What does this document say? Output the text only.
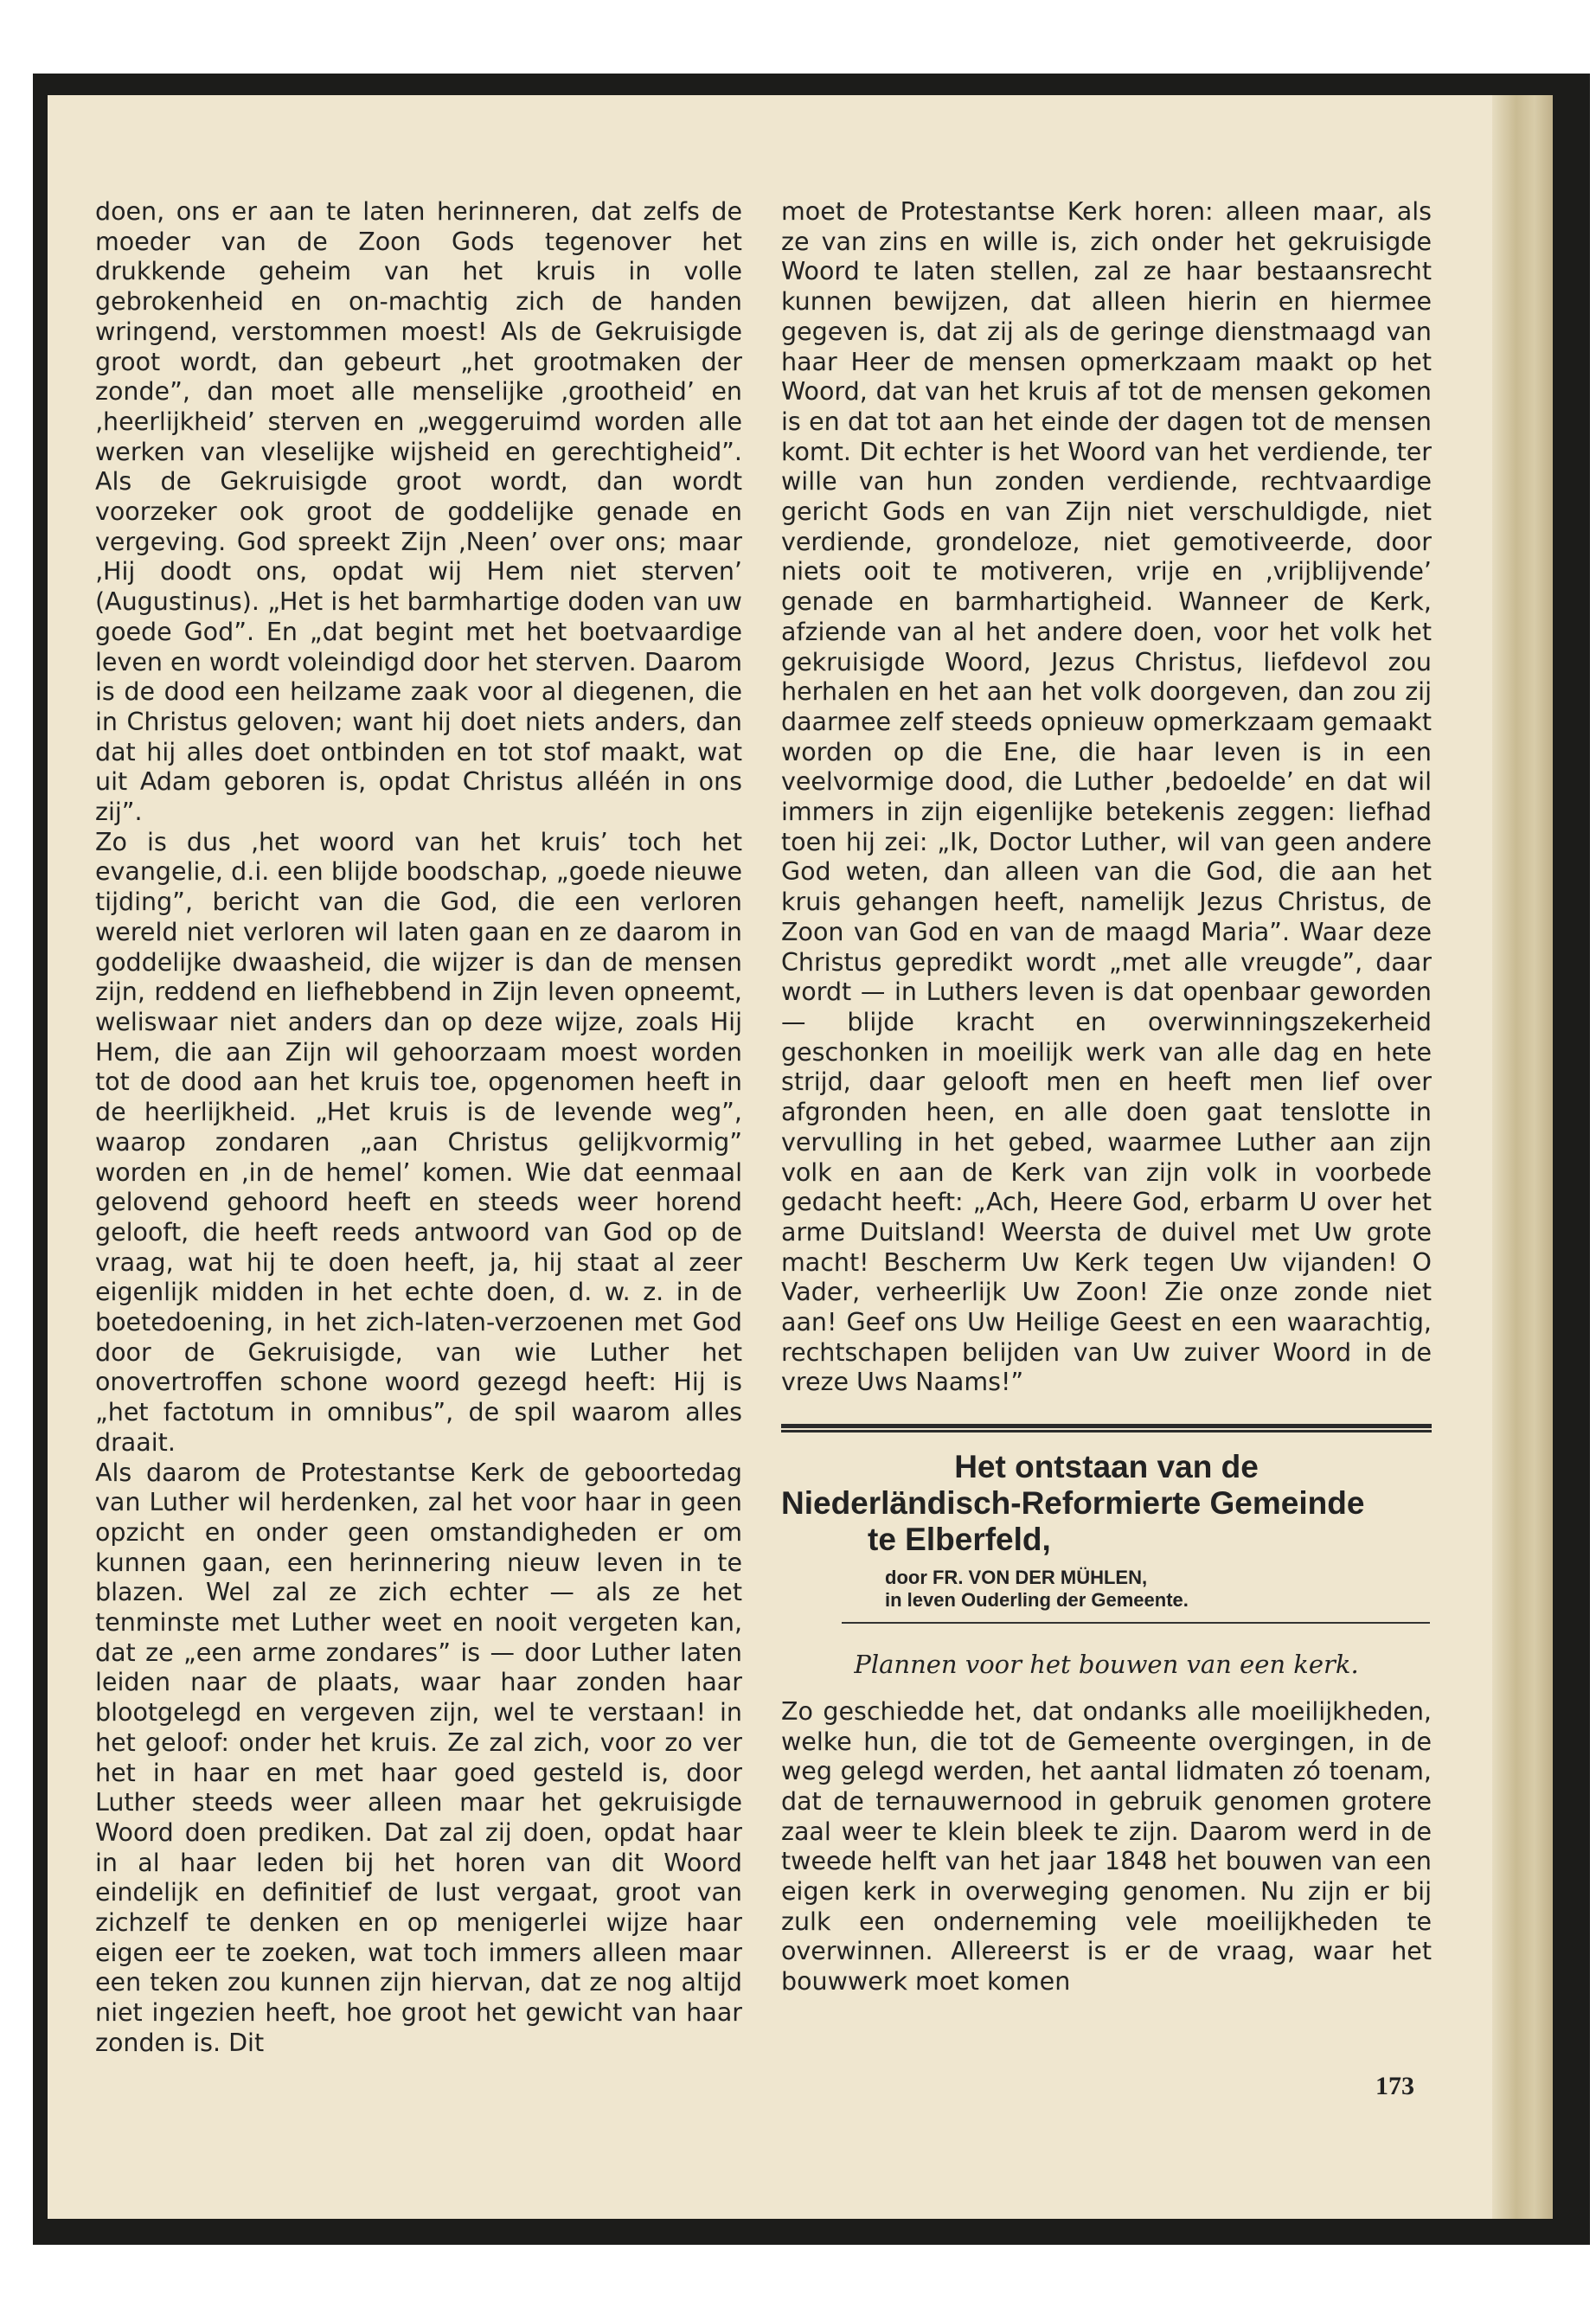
doen, ons er aan te laten herinneren, dat zelfs de moeder van de Zoon Gods tegenover het drukkende geheim van het kruis in volle gebrokenheid en on-machtig zich de handen wringend, verstommen moest! Als de Gekruisigde groot wordt, dan gebeurt „het grootmaken der zonde”, dan moet alle menselijke ‚grootheid’ en ‚heerlijkheid’ sterven en „weggeruimd worden alle werken van vleselijke wijsheid en gerechtigheid”. Als de Gekruisigde groot wordt, dan wordt voorzeker ook groot de goddelijke genade en vergeving. God spreekt Zijn ‚Neen’ over ons; maar ‚Hij doodt ons, opdat wij Hem niet sterven’ (Augustinus). „Het is het barmhartige doden van uw goede God”. En „dat begint met het boetvaardige leven en wordt voleindigd door het sterven. Daarom is de dood een heilzame zaak voor al diegenen, die in Christus geloven; want hij doet niets anders, dan dat hij alles doet ontbinden en tot stof maakt, wat uit Adam geboren is, opdat Christus alléén in ons zij”.

Zo is dus ‚het woord van het kruis’ toch het evangelie, d.i. een blijde boodschap, „goede nieuwe tijding”, bericht van die God, die een verloren wereld niet verloren wil laten gaan en ze daarom in goddelijke dwaasheid, die wijzer is dan de mensen zijn, reddend en liefhebbend in Zijn leven opneemt, weliswaar niet anders dan op deze wijze, zoals Hij Hem, die aan Zijn wil gehoorzaam moest worden tot de dood aan het kruis toe, opgenomen heeft in de heerlijkheid. „Het kruis is de levende weg”, waarop zondaren „aan Christus gelijkvormig” worden en ‚in de hemel’ komen. Wie dat eenmaal gelovend gehoord heeft en steeds weer horend gelooft, die heeft reeds antwoord van God op de vraag, wat hij te doen heeft, ja, hij staat al zeer eigenlijk midden in het echte doen, d. w. z. in de boetedoening, in het zich-laten-verzoenen met God door de Gekruisigde, van wie Luther het onovertroffen schone woord gezegd heeft: Hij is „het factotum in omnibus”, de spil waarom alles draait.

Als daarom de Protestantse Kerk de geboortedag van Luther wil herdenken, zal het voor haar in geen opzicht en onder geen omstandigheden er om kunnen gaan, een herinnering nieuw leven in te blazen. Wel zal ze zich echter — als ze het tenminste met Luther weet en nooit vergeten kan, dat ze „een arme zondares” is — door Luther laten leiden naar de plaats, waar haar zonden haar blootgelegd en vergeven zijn, wel te verstaan! in het geloof: onder het kruis. Ze zal zich, voor zo ver het in haar en met haar goed gesteld is, door Luther steeds weer alleen maar het gekruisigde Woord doen prediken. Dat zal zij doen, opdat haar in al haar leden bij het horen van dit Woord eindelijk en definitief de lust vergaat, groot van zichzelf te denken en op menigerlei wijze haar eigen eer te zoeken, wat toch immers alleen maar een teken zou kunnen zijn hiervan, dat ze nog altijd niet ingezien heeft, hoe groot het gewicht van haar zonden is. Dit

moet de Protestantse Kerk horen: alleen maar, als ze van zins en wille is, zich onder het gekruisigde Woord te laten stellen, zal ze haar bestaansrecht kunnen bewijzen, dat alleen hierin en hiermee gegeven is, dat zij als de geringe dienstmaagd van haar Heer de mensen opmerkzaam maakt op het Woord, dat van het kruis af tot de mensen gekomen is en dat tot aan het einde der dagen tot de mensen komt. Dit echter is het Woord van het verdiende, ter wille van hun zonden verdiende, rechtvaardige gericht Gods en van Zijn niet verschuldigde, niet verdiende, grondeloze, niet gemotiveerde, door niets ooit te motiveren, vrije en ‚vrijblijvende’ genade en barmhartigheid. Wanneer de Kerk, afziende van al het andere doen, voor het volk het gekruisigde Woord, Jezus Christus, liefdevol zou herhalen en het aan het volk doorgeven, dan zou zij daarmee zelf steeds opnieuw opmerkzaam gemaakt worden op die Ene, die haar leven is in een veelvormige dood, die Luther ‚bedoelde’ en dat wil immers in zijn eigenlijke betekenis zeggen: liefhad toen hij zei: „Ik, Doctor Luther, wil van geen andere God weten, dan alleen van die God, die aan het kruis gehangen heeft, namelijk Jezus Christus, de Zoon van God en van de maagd Maria”. Waar deze Christus gepredikt wordt „met alle vreugde”, daar wordt — in Luthers leven is dat openbaar geworden — blijde kracht en overwinningszekerheid geschonken in moeilijk werk van alle dag en hete strijd, daar gelooft men en heeft men lief over afgronden heen, en alle doen gaat tenslotte in vervulling in het gebed, waarmee Luther aan zijn volk en aan de Kerk van zijn volk in voorbede gedacht heeft: „Ach, Heere God, erbarm U over het arme Duitsland! Weersta de duivel met Uw grote macht! Bescherm Uw Kerk tegen Uw vijanden! O Vader, verheerlijk Uw Zoon! Zie onze zonde niet aan! Geef ons Uw Heilige Geest en een waarachtig, rechtschapen belijden van Uw zuiver Woord in de vreze Uws Naams!”

Het ontstaan van de
Niederländisch-Reformierte Gemeinde
te Elberfeld,
door FR. VON DER MÜHLEN,
in leven Ouderling der Gemeente.
Plannen voor het bouwen van een kerk.

Zo geschiedde het, dat ondanks alle moeilijkheden, welke hun, die tot de Gemeente overgingen, in de weg gelegd werden, het aantal lidmaten zó toenam, dat de ternauwernood in gebruik genomen grotere zaal weer te klein bleek te zijn. Daarom werd in de tweede helft van het jaar 1848 het bouwen van een eigen kerk in overweging genomen. Nu zijn er bij zulk een onderneming vele moeilijkheden te overwinnen. Allereerst is er de vraag, waar het bouwwerk moet komen

173
